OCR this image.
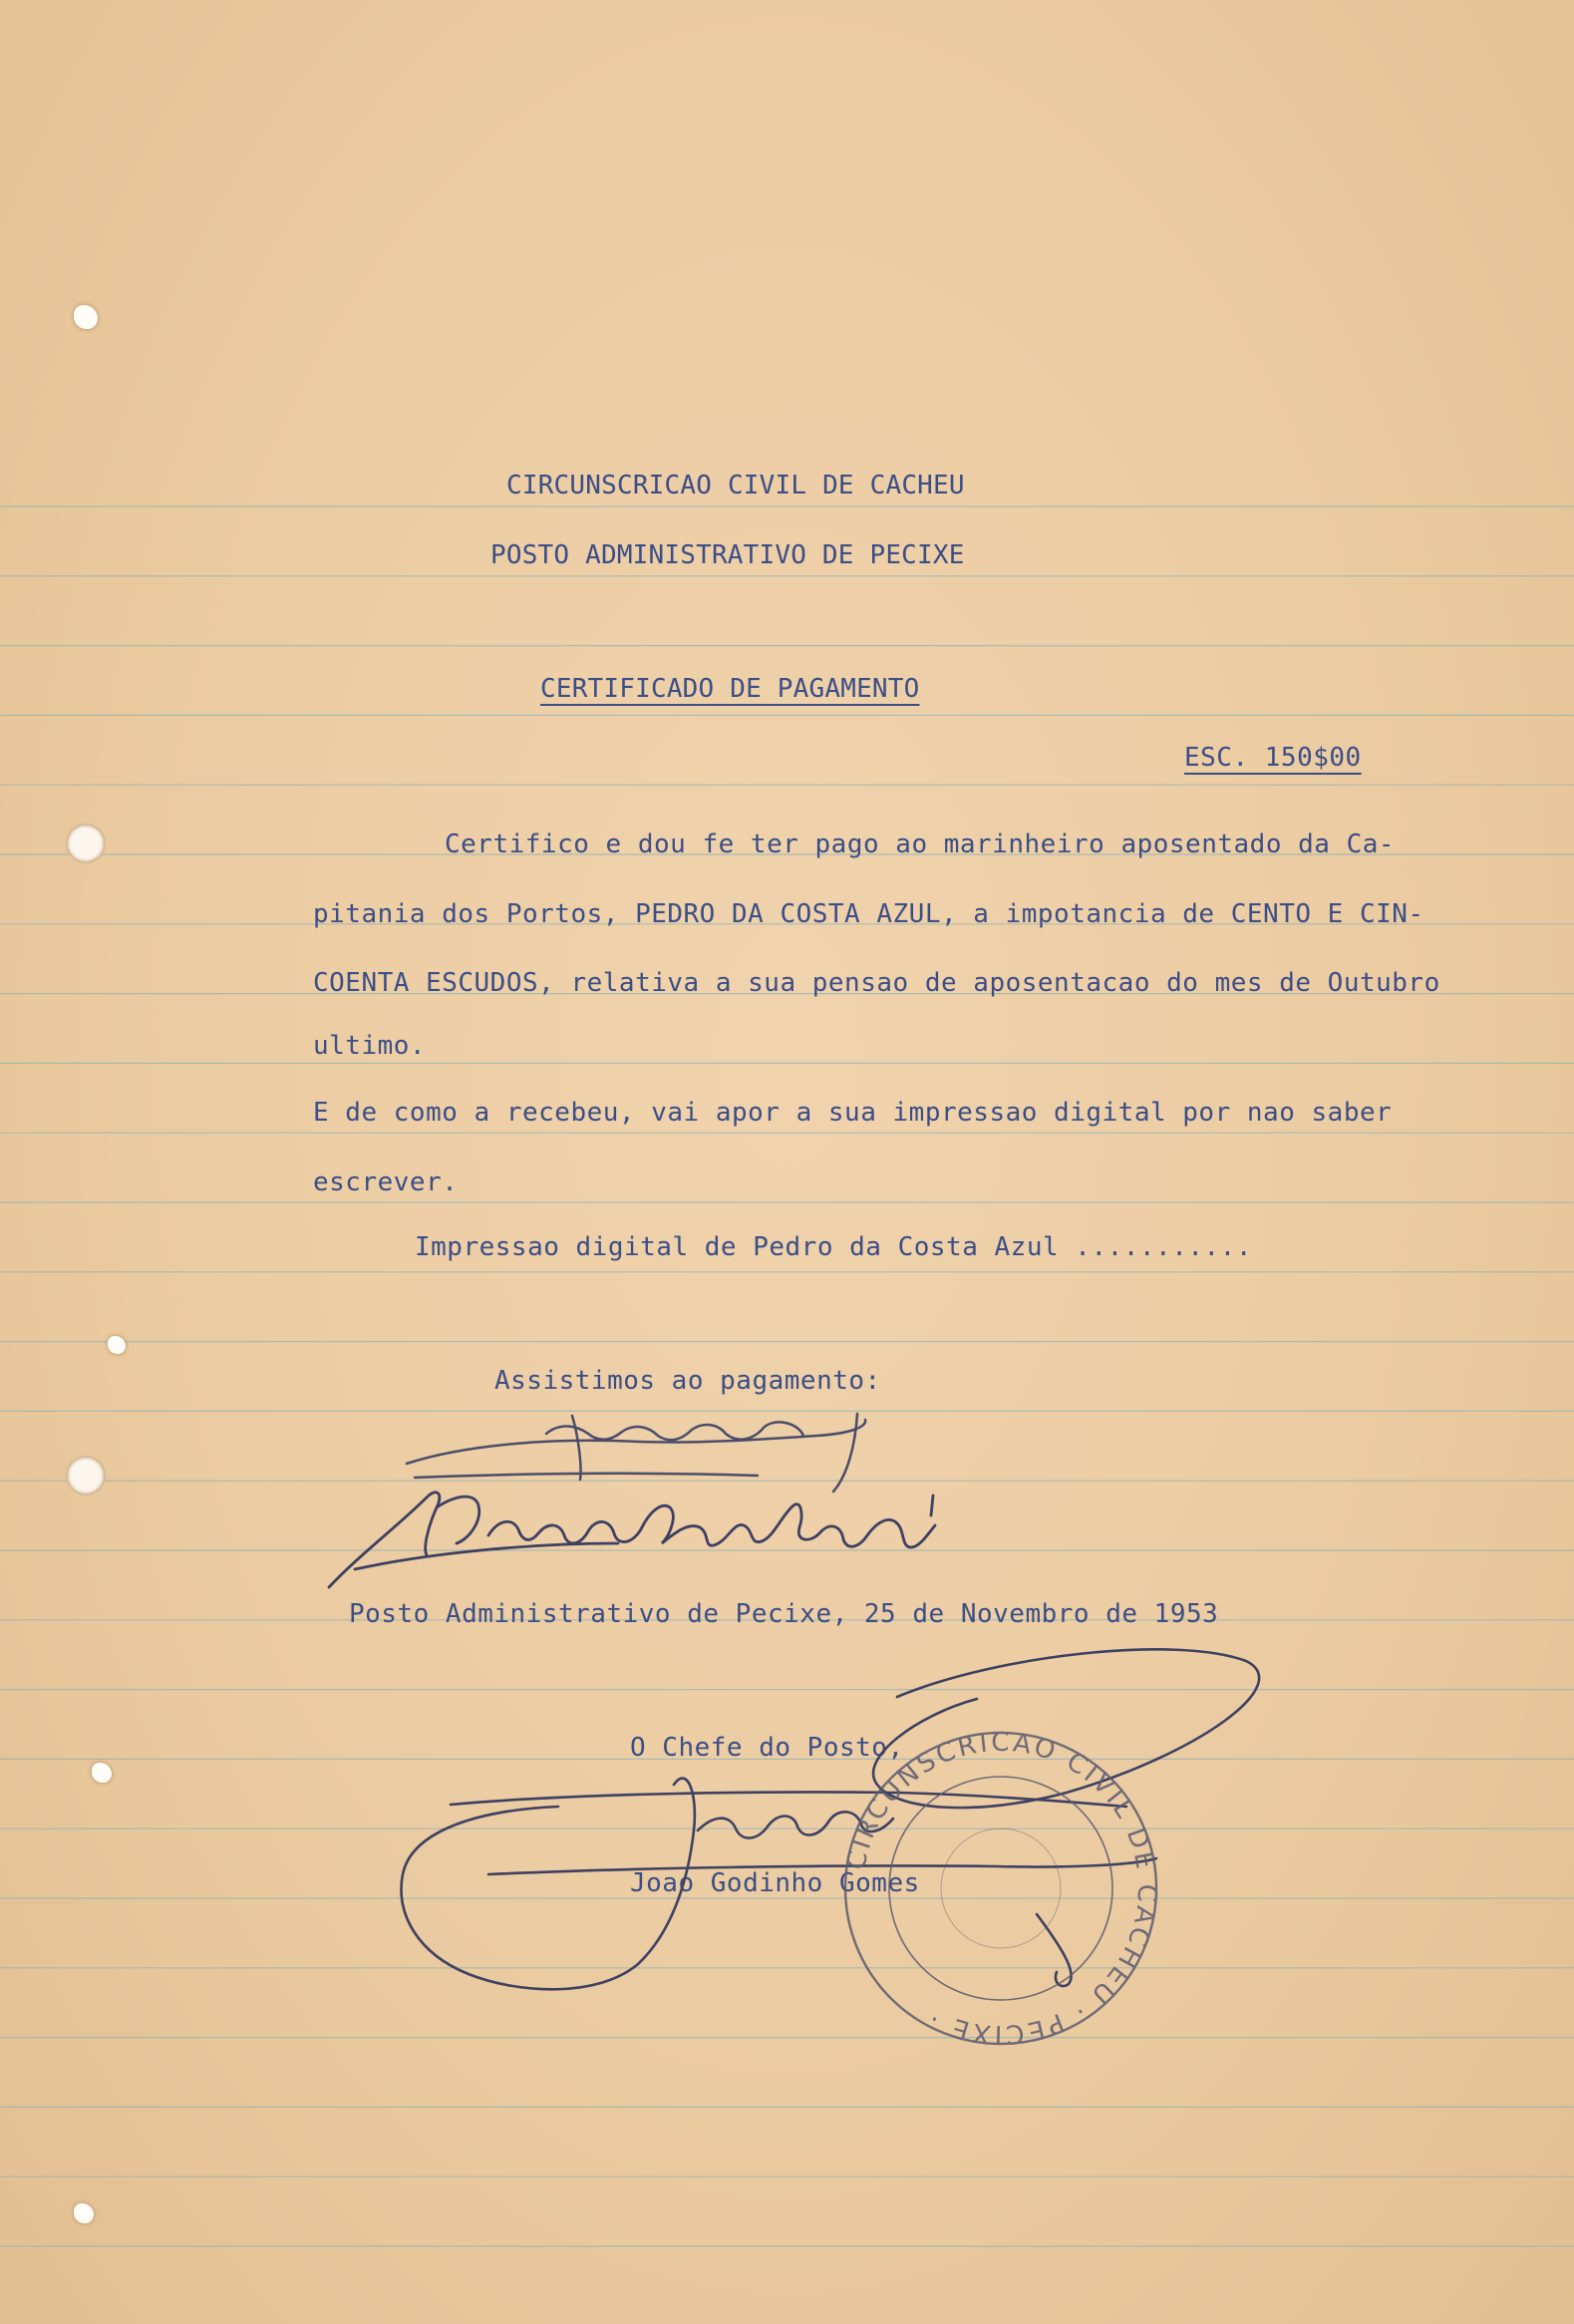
CIRCUNSCRICAO CIVIL DE CACHEU
POSTO ADMINISTRATIVO DE PECIXE
CERTIFICADO DE PAGAMENTO
ESC. 150$00
Certifico e dou fe ter pago ao marinheiro aposentado da Ca-
pitania dos Portos, PEDRO DA COSTA AZUL, a impotancia de CENTO E CIN-
COENTA ESCUDOS, relativa a sua pensao de aposentacao do mes de Outubro
ultimo.
E de como a recebeu, vai apor a sua impressao digital por nao saber
escrever.
Impressao digital de Pedro da Costa Azul ...........
Assistimos ao pagamento:
Posto Administrativo de Pecixe, 25 de Novembro de 1953
O Chefe do Posto,
Joao Godinho Gomes
CIRCUNSCRICAO CIVIL DE CACHEU · PECIXE ·
